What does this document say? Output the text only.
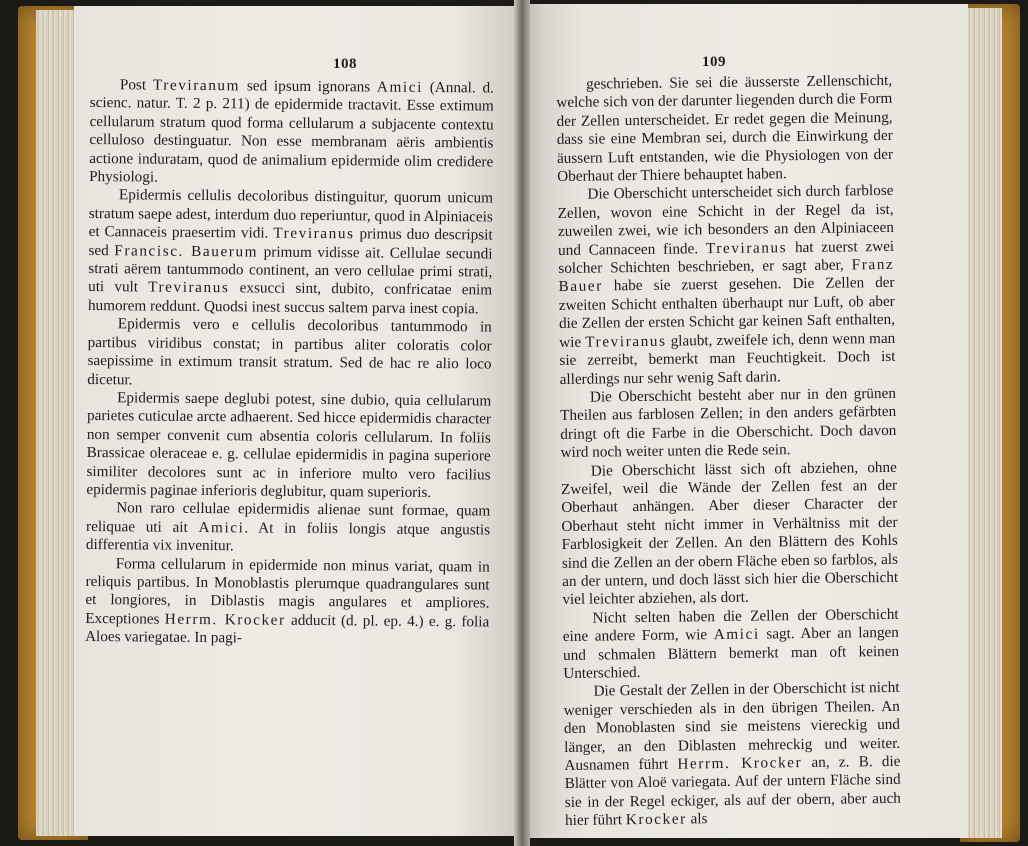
108	109

Post Treviranum sed ipsum ignorans Amici (Annal. d. scienc. natur. T. 2 p. 211) de epidermide tractavit. Esse extimum cellularum stratum quod forma cellularum a subjacente contextu celluloso destinguatur. Non esse membranam aëris ambientis actione induratam, quod de animalium epidermide olim credidere Physiologi.

Epidermis cellulis decoloribus distinguitur, quorum unicum stratum saepe adest, interdum duo reperiuntur, quod in Alpiniaceis et Cannaceis praesertim vidi. Treviranus primus duo descripsit sed Francisc. Bauerum primum vidisse ait. Cellulae secundi strati aërem tantummodo continent, an vero cellulae primi strati, uti vult Treviranus exsucci sint, dubito, confricatae enim humorem reddunt. Quodsi inest succus saltem parva inest copia.

Epidermis vero e cellulis decoloribus tantummodo in partibus viridibus constat; in partibus aliter coloratis color saepissime in extimum transit stratum. Sed de hac re alio loco dicetur.

Epidermis saepe deglubi potest, sine dubio, quia cellularum parietes cuticulae arcte adhaerent. Sed hicce epidermidis character non semper convenit cum absentia coloris cellularum. In foliis Brassicae oleraceae e. g. cellulae epidermidis in pagina superiore similiter decolores sunt ac in inferiore multo vero facilius epidermis paginae inferioris deglubitur, quam superioris.

Non raro cellulae epidermidis alienae sunt formae, quam reliquae uti ait Amici. At in foliis longis atque angustis differentia vix invenitur.

Forma cellularum in epidermide non minus variat, quam in reliquis partibus. In Monoblastis plerumque quadrangulares sunt et longiores, in Diblastis magis angulares et ampliores. Exceptiones Herrm. Krocker adducit (d. pl. ep. 4.) e. g. folia Aloes variegatae. In pagi-

geschrieben. Sie sei die äusserste Zellenschicht, welche sich von der darunter liegenden durch die Form der Zellen unterscheidet. Er redet gegen die Meinung, dass sie eine Membran sei, durch die Einwirkung der äussern Luft entstanden, wie die Physiologen von der Oberhaut der Thiere behauptet haben.

Die Oberschicht unterscheidet sich durch farblose Zellen, wovon eine Schicht in der Regel da ist, zuweilen zwei, wie ich besonders an den Alpiniaceen und Cannaceen finde. Treviranus hat zuerst zwei solcher Schichten beschrieben, er sagt aber, Franz Bauer habe sie zuerst gesehen. Die Zellen der zweiten Schicht enthalten überhaupt nur Luft, ob aber die Zellen der ersten Schicht gar keinen Saft enthalten, wie Treviranus glaubt, zweifele ich, denn wenn man sie zerreibt, bemerkt man Feuchtigkeit. Doch ist allerdings nur sehr wenig Saft darin.

Die Oberschicht besteht aber nur in den grünen Theilen aus farblosen Zellen; in den anders gefärbten dringt oft die Farbe in die Oberschicht. Doch davon wird noch weiter unten die Rede sein.

Die Oberschicht lässt sich oft abziehen, ohne Zweifel, weil die Wände der Zellen fest an der Oberhaut anhängen. Aber dieser Character der Oberhaut steht nicht immer in Verhältniss mit der Farblosigkeit der Zellen. An den Blättern des Kohls sind die Zellen an der obern Fläche eben so farblos, als an der untern, und doch lässt sich hier die Oberschicht viel leichter abziehen, als dort.

Nicht selten haben die Zellen der Oberschicht eine andere Form, wie Amici sagt. Aber an langen und schmalen Blättern bemerkt man oft keinen Unterschied.

Die Gestalt der Zellen in der Oberschicht ist nicht weniger verschieden als in den übrigen Theilen. An den Monoblasten sind sie meistens viereckig und länger, an den Diblasten mehreckig und weiter. Ausnamen führt Herrm. Krocker an, z. B. die Blätter von Aloë variegata. Auf der untern Fläche sind sie in der Regel eckiger, als auf der obern, aber auch hier führt Krocker als
